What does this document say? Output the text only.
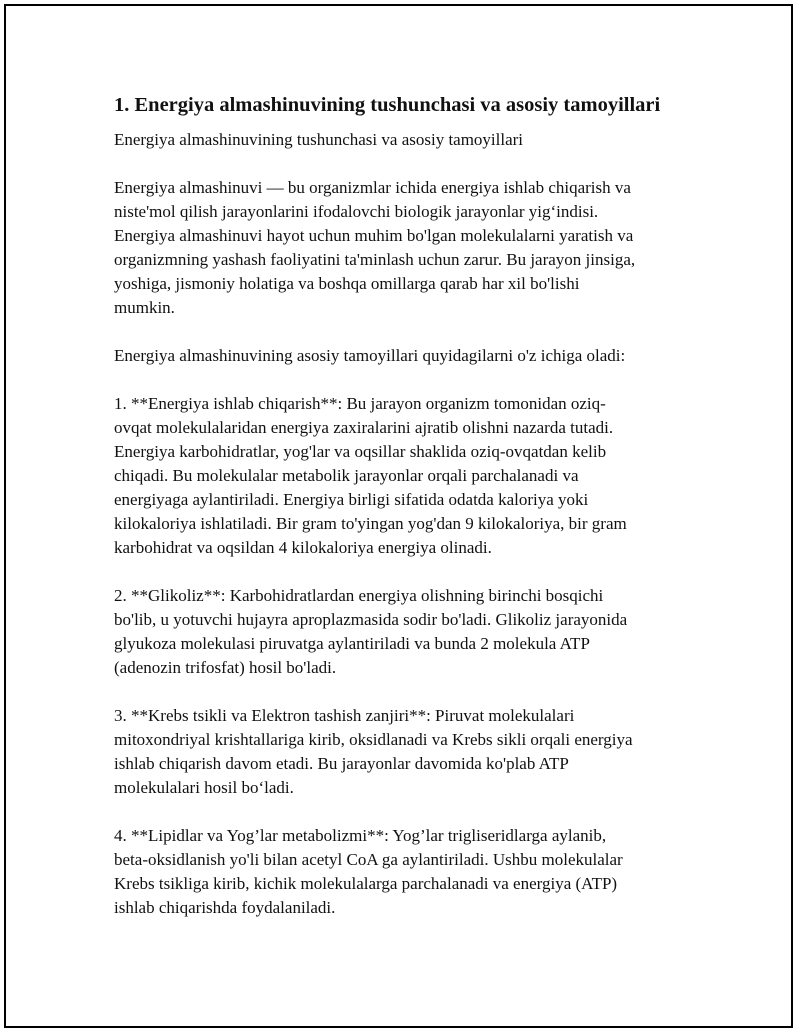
1. Energiya almashinuvining tushunchasi va asosiy tamoyillari
Energiya almashinuvining tushunchasi va asosiy tamoyillari
Energiya almashinuvi — bu organizmlar ichida energiya ishlab chiqarish va
niste'mol qilish jarayonlarini ifodalovchi biologik jarayonlar yig‘indisi.
Energiya almashinuvi hayot uchun muhim bo'lgan molekulalarni yaratish va
organizmning yashash faoliyatini ta'minlash uchun zarur. Bu jarayon jinsiga,
yoshiga, jismoniy holatiga va boshqa omillarga qarab har xil bo'lishi
mumkin.
Energiya almashinuvining asosiy tamoyillari quyidagilarni o'z ichiga oladi:
1. **Energiya ishlab chiqarish**: Bu jarayon organizm tomonidan oziq-
ovqat molekulalaridan energiya zaxiralarini ajratib olishni nazarda tutadi.
Energiya karbohidratlar, yog'lar va oqsillar shaklida oziq-ovqatdan kelib
chiqadi. Bu molekulalar metabolik jarayonlar orqali parchalanadi va
energiyaga aylantiriladi. Energiya birligi sifatida odatda kaloriya yoki
kilokaloriya ishlatiladi. Bir gram to'yingan yog'dan 9 kilokaloriya, bir gram
karbohidrat va oqsildan 4 kilokaloriya energiya olinadi.
2. **Glikoliz**: Karbohidratlardan energiya olishning birinchi bosqichi
bo'lib, u yotuvchi hujayra aproplazmasida sodir bo'ladi. Glikoliz jarayonida
glyukoza molekulasi piruvatga aylantiriladi va bunda 2 molekula ATP
(adenozin trifosfat) hosil bo'ladi.
3. **Krebs tsikli va Elektron tashish zanjiri**: Piruvat molekulalari
mitoxondriyal krishtallariga kirib, oksidlanadi va Krebs sikli orqali energiya
ishlab chiqarish davom etadi. Bu jarayonlar davomida ko'plab ATP
molekulalari hosil bo‘ladi.
4. **Lipidlar va Yog’lar metabolizmi**: Yog’lar trigliseridlarga aylanib,
beta-oksidlanish yo'li bilan acetyl CoA ga aylantiriladi. Ushbu molekulalar
Krebs tsikliga kirib, kichik molekulalarga parchalanadi va energiya (ATP)
ishlab chiqarishda foydalaniladi.
